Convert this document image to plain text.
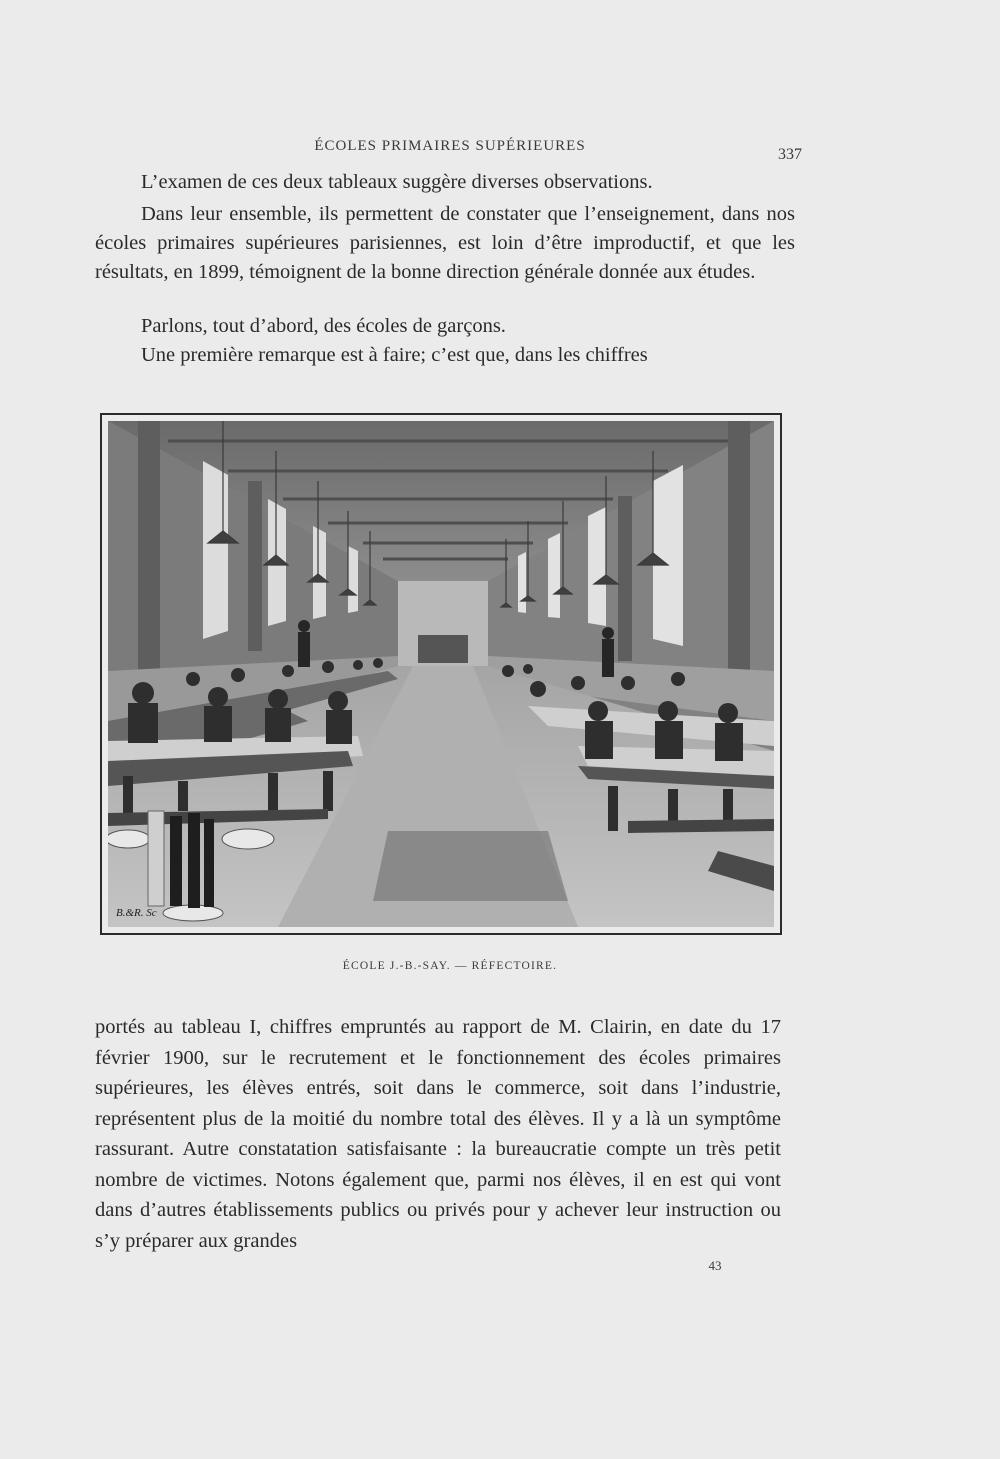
ÉCOLES PRIMAIRES SUPÉRIEURES	337

L’examen de ces deux tableaux suggère diverses observations.

Dans leur ensemble, ils permettent de constater que l’enseignement, dans nos écoles primaires supérieures parisiennes, est loin d’être improductif, et que les résultats, en 1899, témoignent de la bonne direction générale donnée aux études.

Parlons, tout d’abord, des écoles de garçons.

Une première remarque est à faire; c’est que, dans les chiffres

B.&R. Sc
ÉCOLE J.-B.-SAY. — RÉFECTOIRE.

portés au tableau I, chiffres empruntés au rapport de M. Clairin, en date du 17 février 1900, sur le recrutement et le fonctionnement des écoles primaires supérieures, les élèves entrés, soit dans le commerce, soit dans l’industrie, représentent plus de la moitié du nombre total des élèves. Il y a là un symptôme rassurant. Autre constatation satisfaisante : la bureaucratie compte un très petit nombre de victimes. Notons également que, parmi nos élèves, il en est qui vont dans d’autres établissements publics ou privés pour y achever leur instruction ou s’y préparer aux grandes

43
